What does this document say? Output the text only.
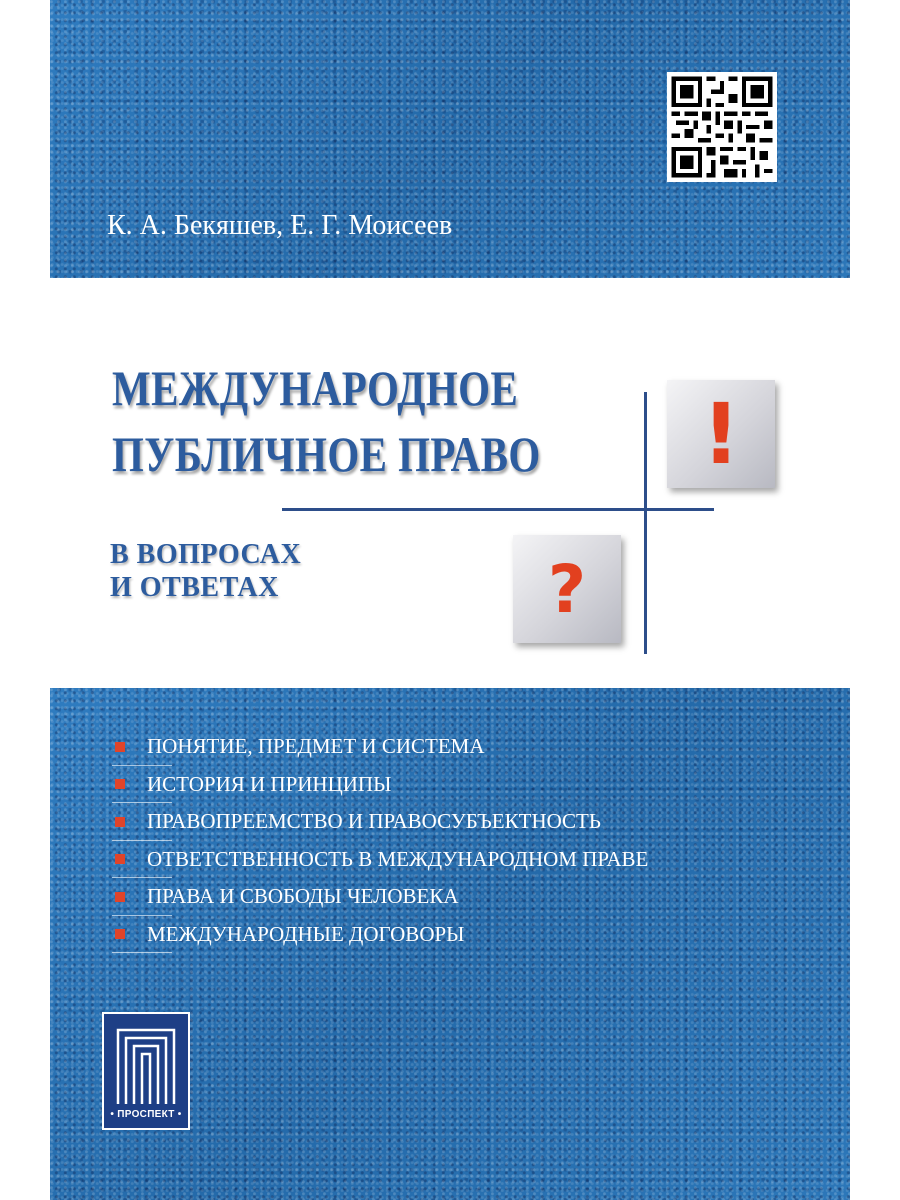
К. А. Бекяшев, Е. Г. Моисеев
МЕЖДУНАРОДНОЕ
ПУБЛИЧНОЕ ПРАВО
В ВОПРОСАХ
И ОТВЕТАХ
!
?
ПОНЯТИЕ, ПРЕДМЕТ И СИСТЕМА
ИСТОРИЯ И ПРИНЦИПЫ
ПРАВОПРЕЕМСТВО И ПРАВОСУБЪЕКТНОСТЬ
ОТВЕТСТВЕННОСТЬ В МЕЖДУНАРОДНОМ ПРАВЕ
ПРАВА И СВОБОДЫ ЧЕЛОВЕКА
МЕЖДУНАРОДНЫЕ ДОГОВОРЫ
• ПРОСПЕКТ •
